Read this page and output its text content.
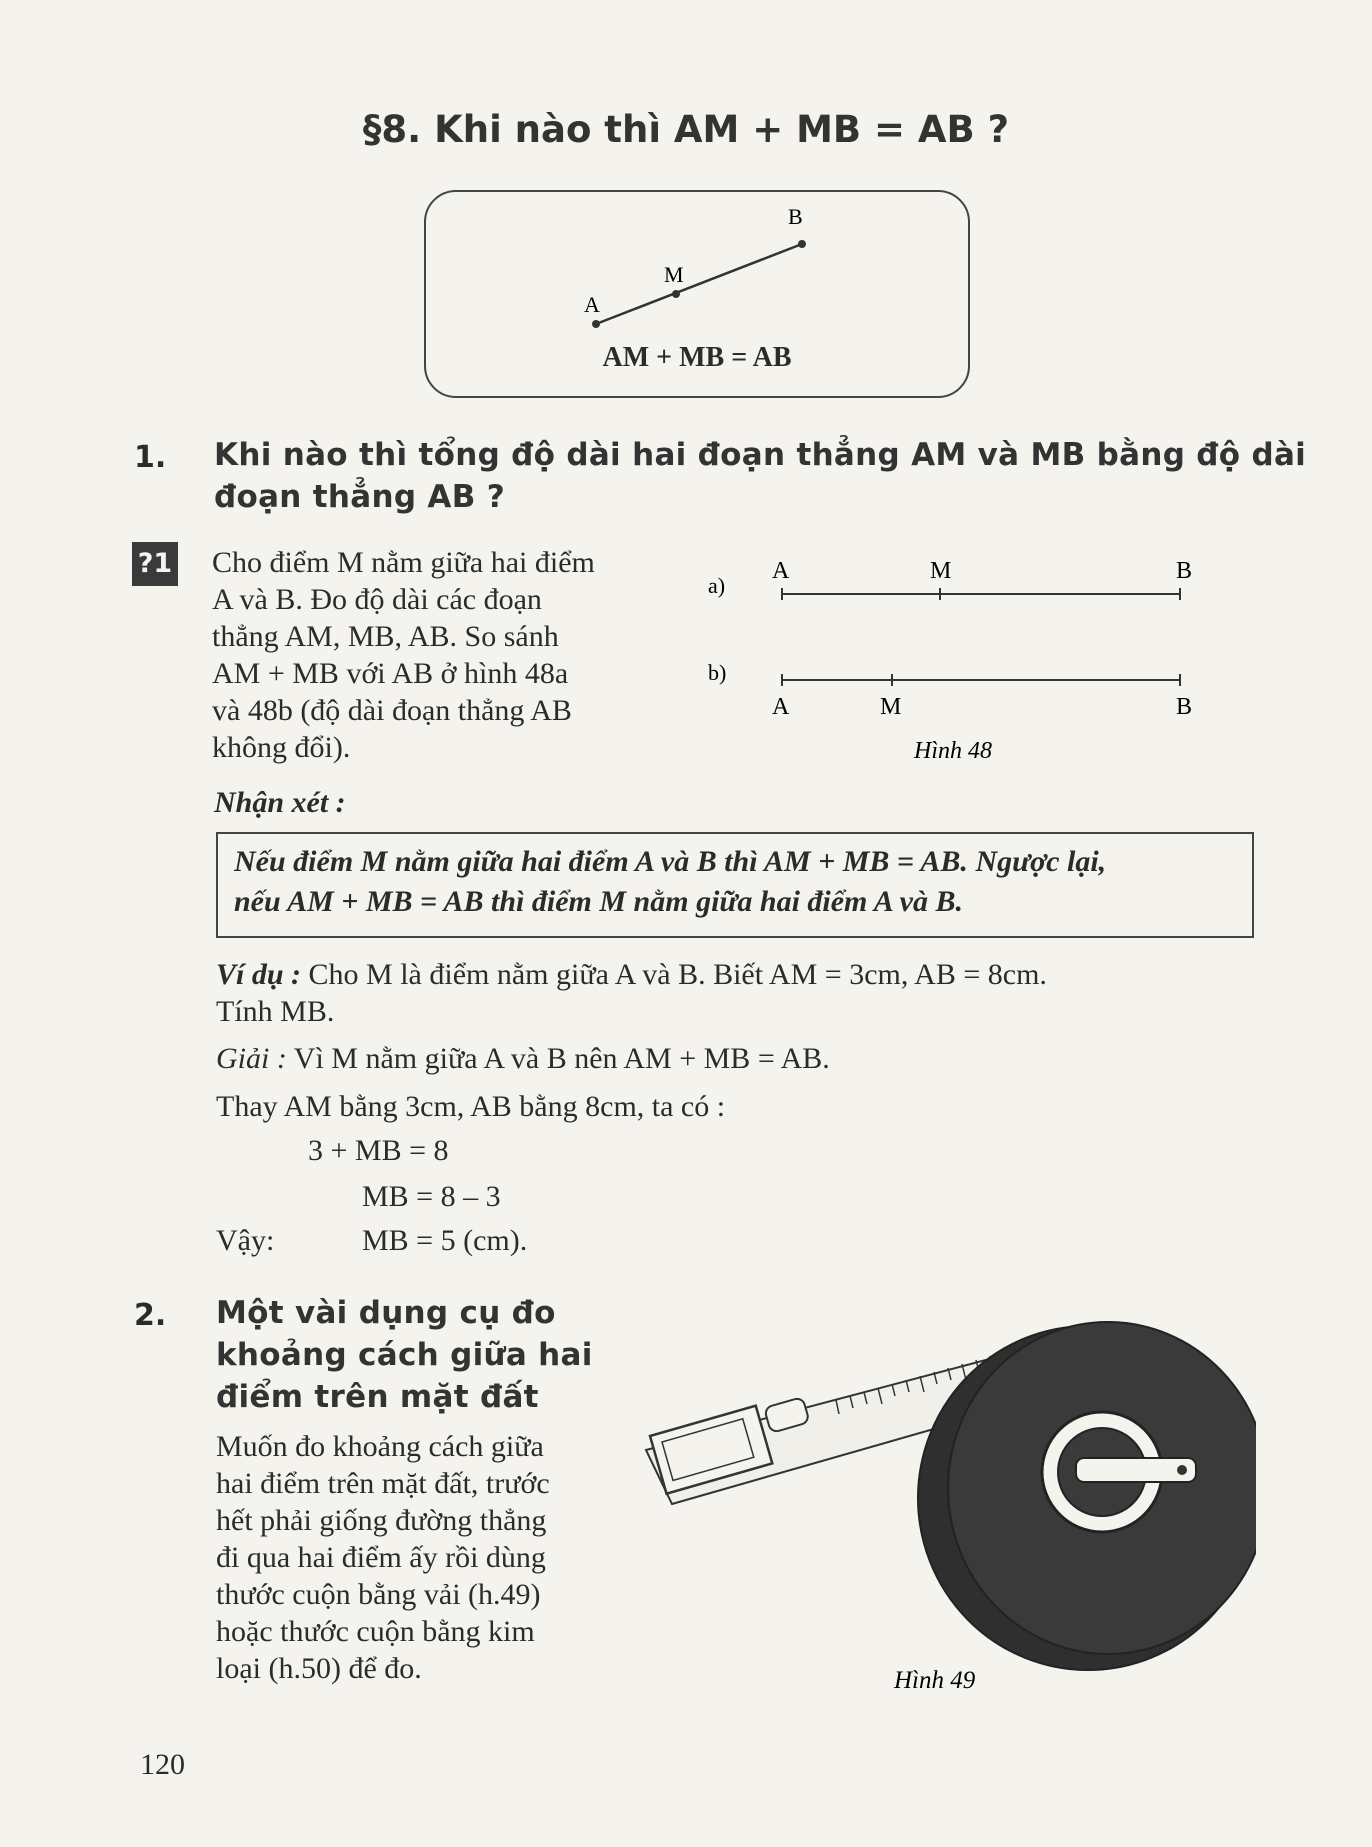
§8. Khi nào thì AM + MB = AB ?
A
M
B
AM + MB = AB
1. Khi nào thì tổng độ dài hai đoạn thẳng AM và MB bằng độ dài
đoạn thẳng AB ?
?1 Cho điểm M nằm giữa hai điểm
A và B. Đo độ dài các đoạn
thẳng AM, MB, AB. So sánh
AM + MB với AB ở hình 48a
và 48b (độ dài đoạn thẳng AB
không đổi).
a)
A	M	B
b)
A	M	B
Hình 48
Nhận xét :
Nếu điểm M nằm giữa hai điểm A và B thì AM + MB = AB. Ngược lại,
nếu AM + MB = AB thì điểm M nằm giữa hai điểm A và B.
Ví dụ : Cho M là điểm nằm giữa A và B. Biết AM = 3cm, AB = 8cm.
Tính MB.
Giải : Vì M nằm giữa A và B nên AM + MB = AB.
Thay AM bằng 3cm, AB bằng 8cm, ta có :
3 + MB = 8
MB = 8 – 3
Vậy:	MB = 5 (cm).
2. Một vài dụng cụ đo
khoảng cách giữa hai
điểm trên mặt đất
Muốn đo khoảng cách giữa
hai điểm trên mặt đất, trước
hết phải giống đường thẳng
đi qua hai điểm ấy rồi dùng
thước cuộn bằng vải (h.49)
hoặc thước cuộn bằng kim
loại (h.50) để đo.	Hình 49
120
